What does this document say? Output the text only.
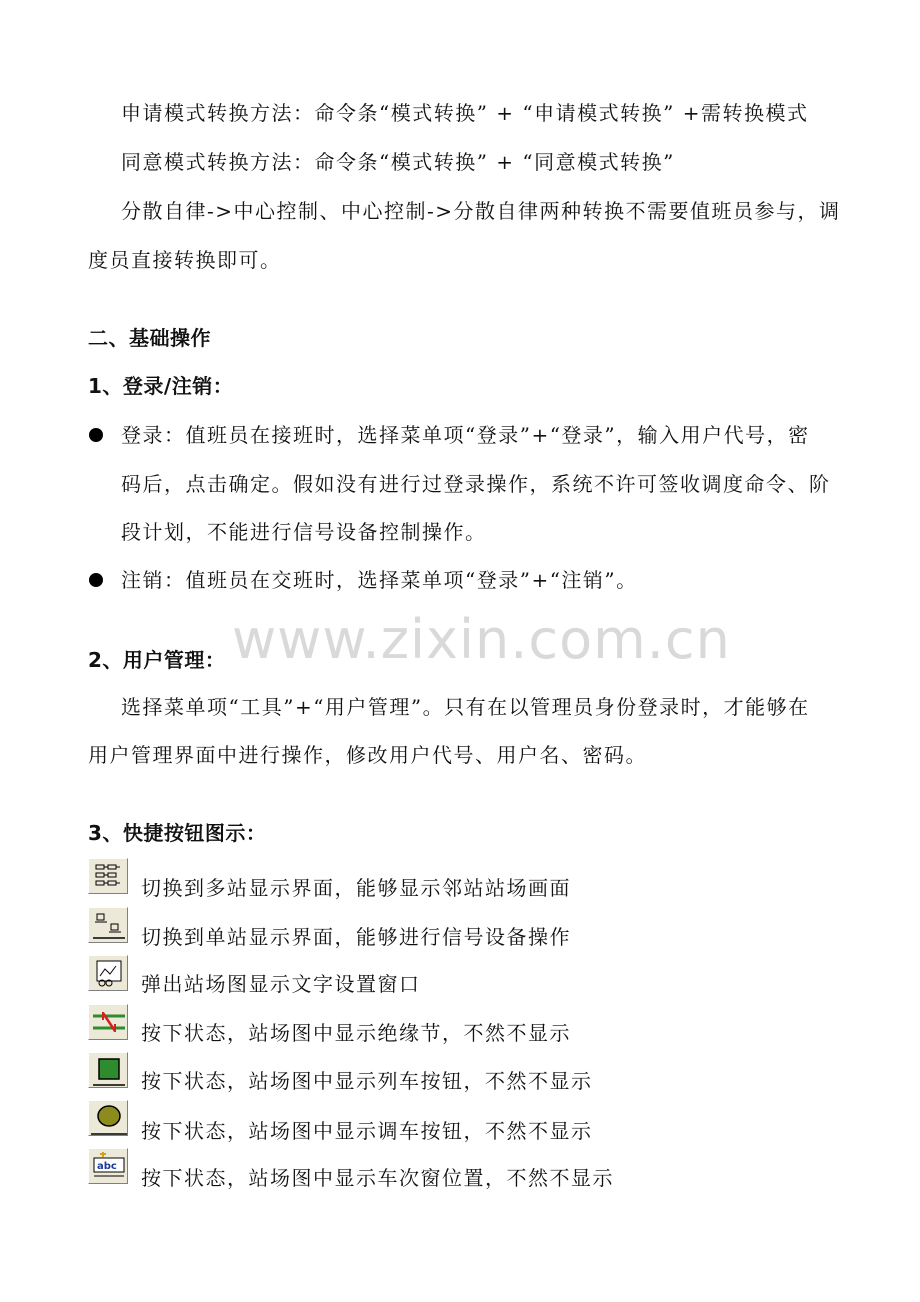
www.zixin.com.cn
申请模式转换方法：命令条“模式转换” + “申请模式转换” +需转换模式
同意模式转换方法：命令条“模式转换” + “同意模式转换”
分散自律->中心控制、中心控制->分散自律两种转换不需要值班员参与，调
度员直接转换即可。
二、基础操作
1、登录/注销：
登录：值班员在接班时，选择菜单项“登录”+“登录”，输入用户代号，密
码后，点击确定。假如没有进行过登录操作，系统不许可签收调度命令、阶
段计划，不能进行信号设备控制操作。
注销：值班员在交班时，选择菜单项“登录”+“注销”。
2、用户管理：
选择菜单项“工具”+“用户管理”。只有在以管理员身份登录时，才能够在
用户管理界面中进行操作，修改用户代号、用户名、密码。
3、快捷按钮图示：
切换到多站显示界面，能够显示邻站站场画面
切换到单站显示界面，能够进行信号设备操作
弹出站场图显示文字设置窗口
按下状态，站场图中显示绝缘节，不然不显示
按下状态，站场图中显示列车按钮，不然不显示
按下状态，站场图中显示调车按钮，不然不显示
abc 按下状态，站场图中显示车次窗位置，不然不显示
